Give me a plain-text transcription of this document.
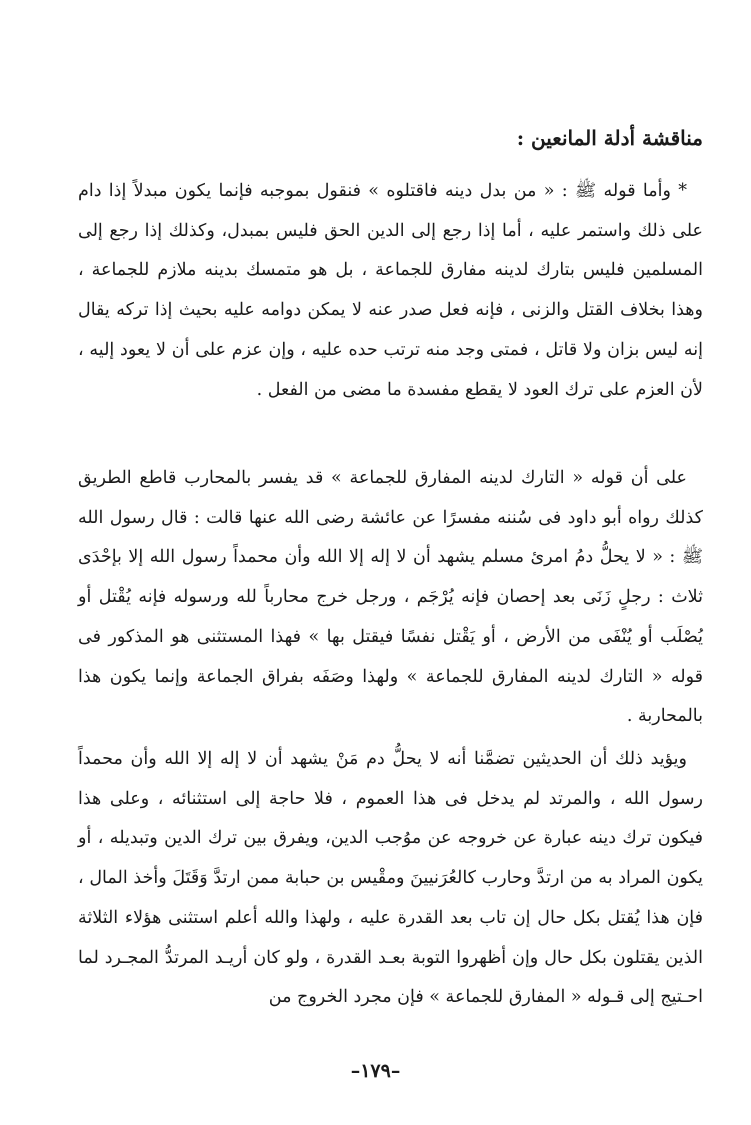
مناقشة أدلة المانعين :

* وأما قوله ﷺ : « من بدل دينه فاقتلوه » فنقول بموجبه فإنما يكون مبدلاً إذا دام على ذلك واستمر عليه ، أما إذا رجع إلى الدين الحق فليس بمبدل، وكذلك إذا رجع إلى المسلمين فليس بتارك لدينه مفارق للجماعة ، بل هو متمسك بدينه ملازم للجماعة ، وهذا بخلاف القتل والزنى ، فإنه فعل صدر عنه لا يمكن دوامه عليه بحيث إذا تركه يقال إنه ليس بزان ولا قاتل ، فمتى وجد منه ترتب حده عليه ، وإن عزم على أن لا يعود إليه ، لأن العزم على ترك العود لا يقطع مفسدة ما مضى من الفعل .

على أن قوله « التارك لدينه المفارق للجماعة » قد يفسر بالمحارب قاطع الطريق كذلك رواه أبو داود فى سُننه مفسرًا عن عائشة رضى الله عنها قالت : قال رسول الله ﷺ : « لا يحلُّ دمُ امرئ مسلم يشهد أن لا إله إلا الله وأن محمداً رسول الله إلا بإحْدَى ثلاث : رجلٍ زَنَى بعد إحصان فإنه يُرْجَم ، ورجل خرج محارباً لله ورسوله فإنه يُقْتل أو يُصْلَب أو يُنْفَى من الأرض ، أو يَقْتل نفسًا فيقتل بها » فهذا المستثنى هو المذكور فى قوله « التارك لدينه المفارق للجماعة » ولهذا وصَفَه بفراق الجماعة وإنما يكون هذا بالمحاربة .

ويؤيد ذلك أن الحديثين تضمَّنا أنه لا يحلُّ دم مَنْ يشهد أن لا إله إلا الله وأن محمداً رسول الله ، والمرتد لم يدخل فى هذا العموم ، فلا حاجة إلى استثنائه ، وعلى هذا فيكون ترك دينه عبارة عن خروجه عن موُجب الدين، ويفرق بين ترك الدين وتبديله ، أو يكون المراد به من ارتدَّ وحارب كالعُرَنيينَ ومقْيس بن حبابة ممن ارتدَّ وَقَتَلَ وأخذ المال ، فإن هذا يُقتل بكل حال إن تاب بعد القدرة عليه ، ولهذا والله أعلم استثنى هؤلاء الثلاثة الذين يقتلون بكل حال وإن أظهروا التوبة بعـد القدرة ، ولو كان أريـد المرتدُّ المجـرد لما احـتيج إلى قـوله « المفارق للجماعة » فإن مجرد الخروج من

–١٧٩–
